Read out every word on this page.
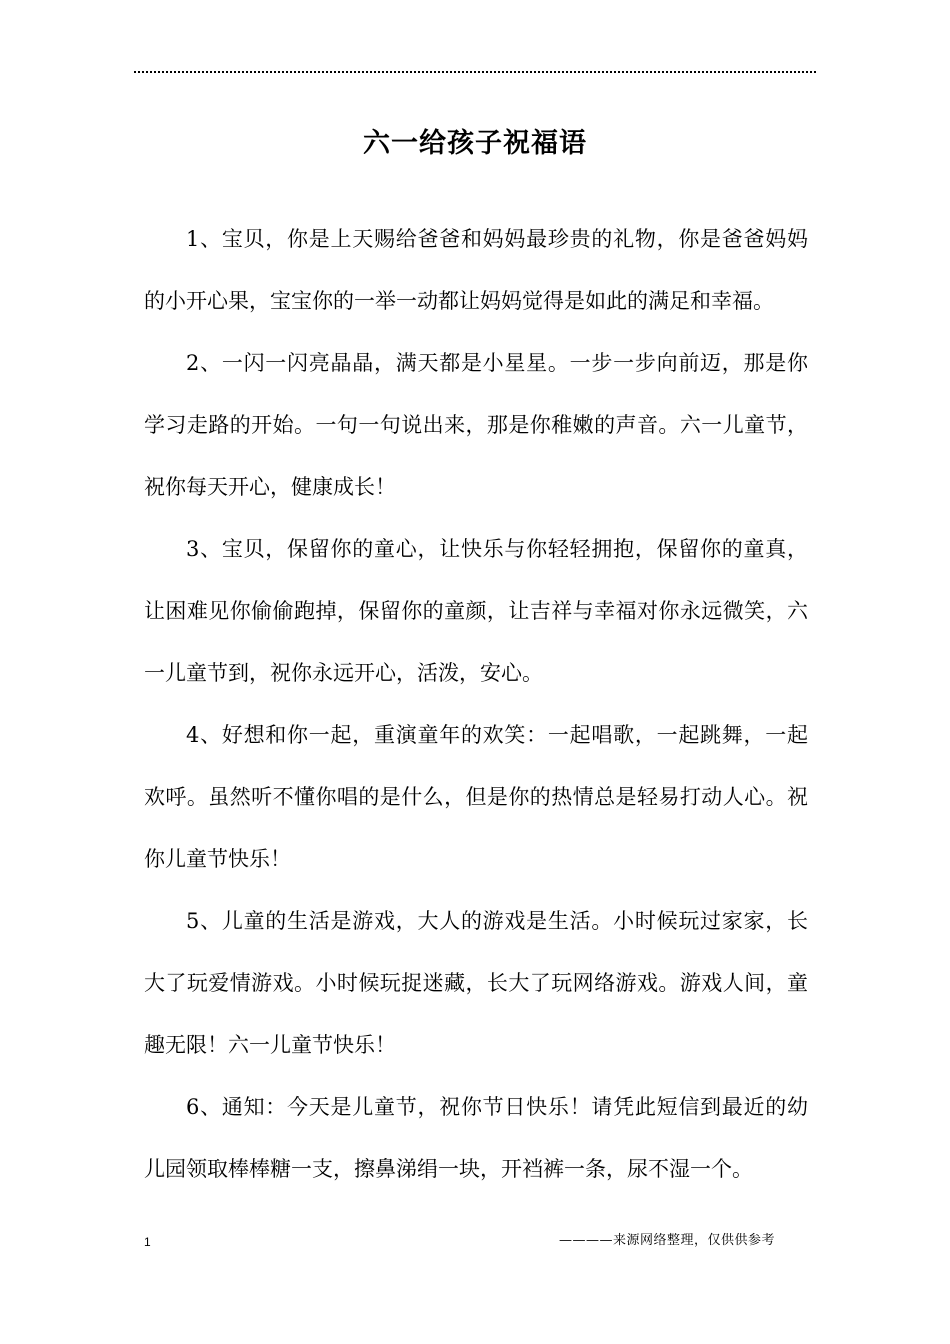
六一给孩子祝福语

1、宝贝，你是上天赐给爸爸和妈妈最珍贵的礼物，你是爸爸妈妈的小开心果，宝宝你的一举一动都让妈妈觉得是如此的满足和幸福。

2、一闪一闪亮晶晶，满天都是小星星。一步一步向前迈，那是你学习走路的开始。一句一句说出来，那是你稚嫩的声音。六一儿童节，祝你每天开心，健康成长！

3、宝贝，保留你的童心，让快乐与你轻轻拥抱，保留你的童真，让困难见你偷偷跑掉，保留你的童颜，让吉祥与幸福对你永远微笑，六一儿童节到，祝你永远开心，活泼，安心。

4、好想和你一起，重演童年的欢笑：一起唱歌，一起跳舞，一起欢呼。虽然听不懂你唱的是什么，但是你的热情总是轻易打动人心。祝你儿童节快乐！

5、儿童的生活是游戏，大人的游戏是生活。小时候玩过家家，长大了玩爱情游戏。小时候玩捉迷藏，长大了玩网络游戏。游戏人间，童趣无限！六一儿童节快乐！

6、通知：今天是儿童节，祝你节日快乐！请凭此短信到最近的幼儿园领取棒棒糖一支，擦鼻涕绢一块，开裆裤一条，尿不湿一个。

1	————来源网络整理，仅供供参考
